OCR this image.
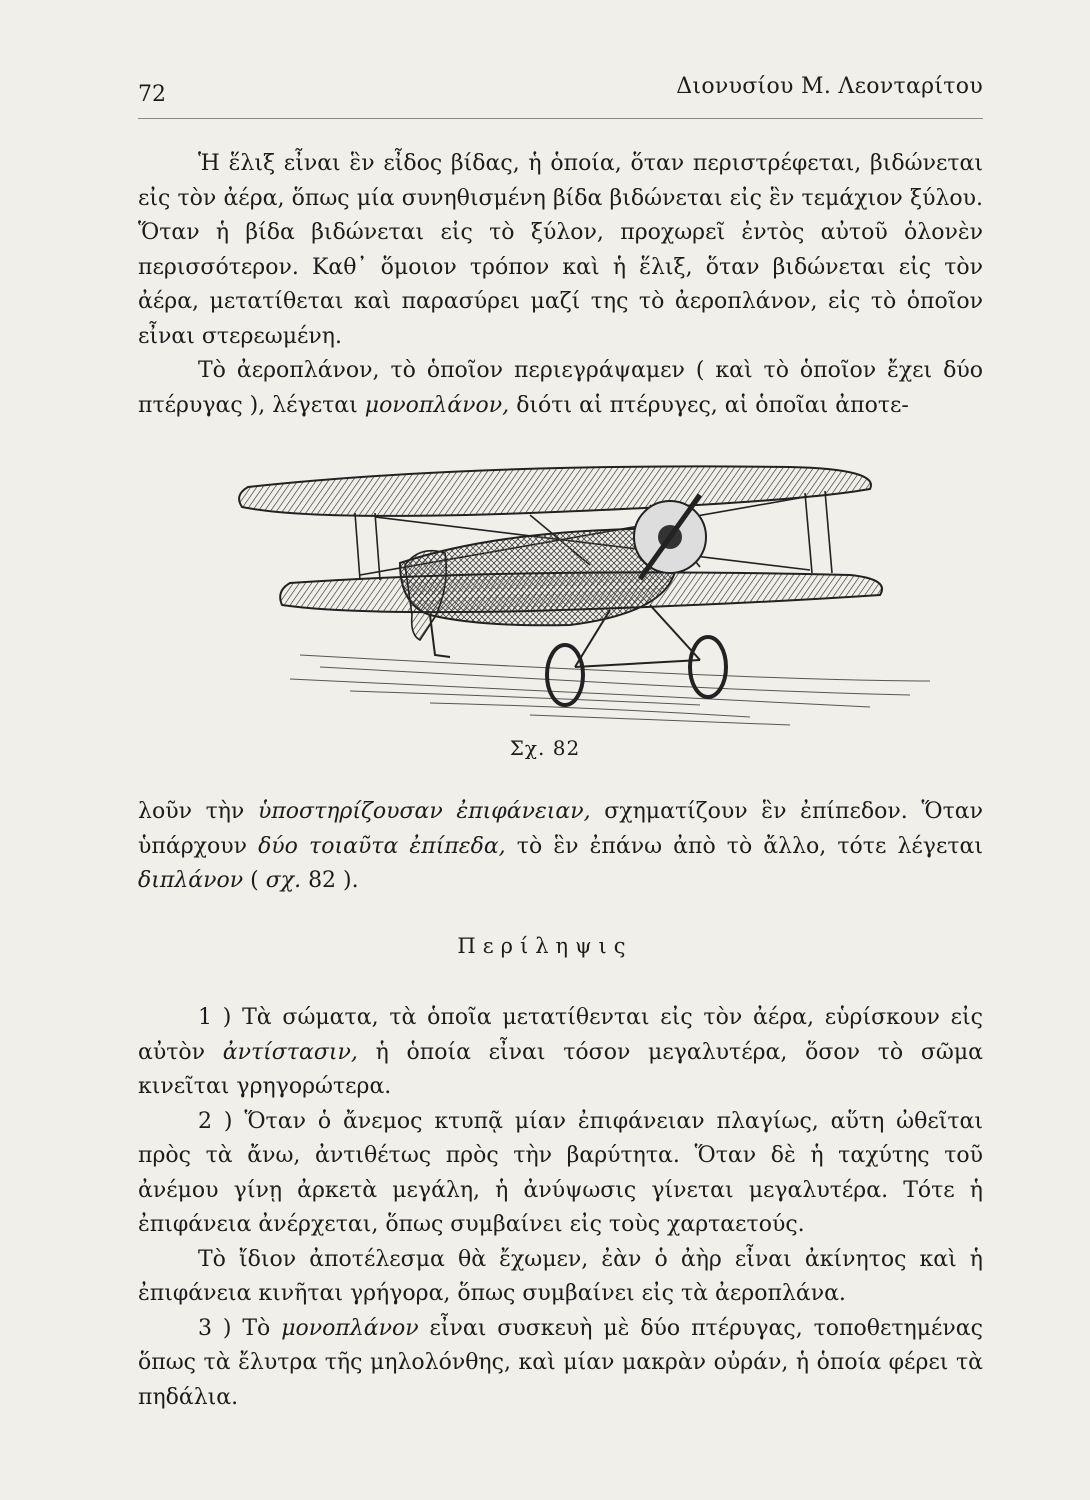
72	Διονυσίου Μ. Λεονταρίτου

Ἡ ἕλιξ εἶναι ἓν εἶδος βίδας, ἡ ὁποία, ὅταν περιστρέφεται, βιδώνεται εἰς τὸν ἀέρα, ὅπως μία συνηθισμένη βίδα βιδώνεται εἰς ἓν τεμάχιον ξύλου. Ὅταν ἡ βίδα βιδώνεται εἰς τὸ ξύλον, προχωρεῖ ἐντὸς αὐτοῦ ὁλονὲν περισσότερον. Καθ᾽ ὅμοιον τρόπον καὶ ἡ ἕλιξ, ὅταν βιδώνεται εἰς τὸν ἀέρα, μετατίθεται καὶ παρασύρει μαζί της τὸ ἀεροπλάνον, εἰς τὸ ὁποῖον εἶναι στερεωμένη.

Τὸ ἀεροπλάνον, τὸ ὁποῖον περιεγράψαμεν ( καὶ τὸ ὁποῖον ἔχει δύο πτέρυγας ), λέγεται μονοπλάνον, διότι αἱ πτέρυγες, αἱ ὁποῖαι ἀποτε-

Σχ. 82

λοῦν τὴν ὑποστηρίζουσαν ἐπιφάνειαν, σχηματίζουν ἓν ἐπίπεδον. Ὅταν ὑπάρχουν δύο τοιαῦτα ἐπίπεδα, τὸ ἓν ἐπάνω ἀπὸ τὸ ἄλλο, τότε λέγεται διπλάνον ( σχ. 82 ).

Περίληψις

1 ) Τὰ σώματα, τὰ ὁποῖα μετατίθενται εἰς τὸν ἀέρα, εὑρίσκουν εἰς αὐτὸν ἀντίστασιν, ἡ ὁποία εἶναι τόσον μεγαλυτέρα, ὅσον τὸ σῶμα κινεῖται γρηγορώτερα.

2 ) Ὅταν ὁ ἄνεμος κτυπᾷ μίαν ἐπιφάνειαν πλαγίως, αὕτη ὠθεῖται πρὸς τὰ ἄνω, ἀντιθέτως πρὸς τὴν βαρύτητα. Ὅταν δὲ ἡ ταχύτης τοῦ ἀνέμου γίνῃ ἀρκετὰ μεγάλη, ἡ ἀνύψωσις γίνεται μεγαλυτέρα. Τότε ἡ ἐπιφάνεια ἀνέρχεται, ὅπως συμβαίνει εἰς τοὺς χαρταετούς.

Τὸ ἴδιον ἀποτέλεσμα θὰ ἔχωμεν, ἐὰν ὁ ἀὴρ εἶναι ἀκίνητος καὶ ἡ ἐπιφάνεια κινῆται γρήγορα, ὅπως συμβαίνει εἰς τὰ ἀεροπλάνα.

3 ) Τὸ μονοπλάνον εἶναι συσκευὴ μὲ δύο πτέρυγας, τοποθετημένας ὅπως τὰ ἔλυτρα τῆς μηλολόνθης, καὶ μίαν μακρὰν οὐράν, ἡ ὁποία φέρει τὰ πηδάλια.
